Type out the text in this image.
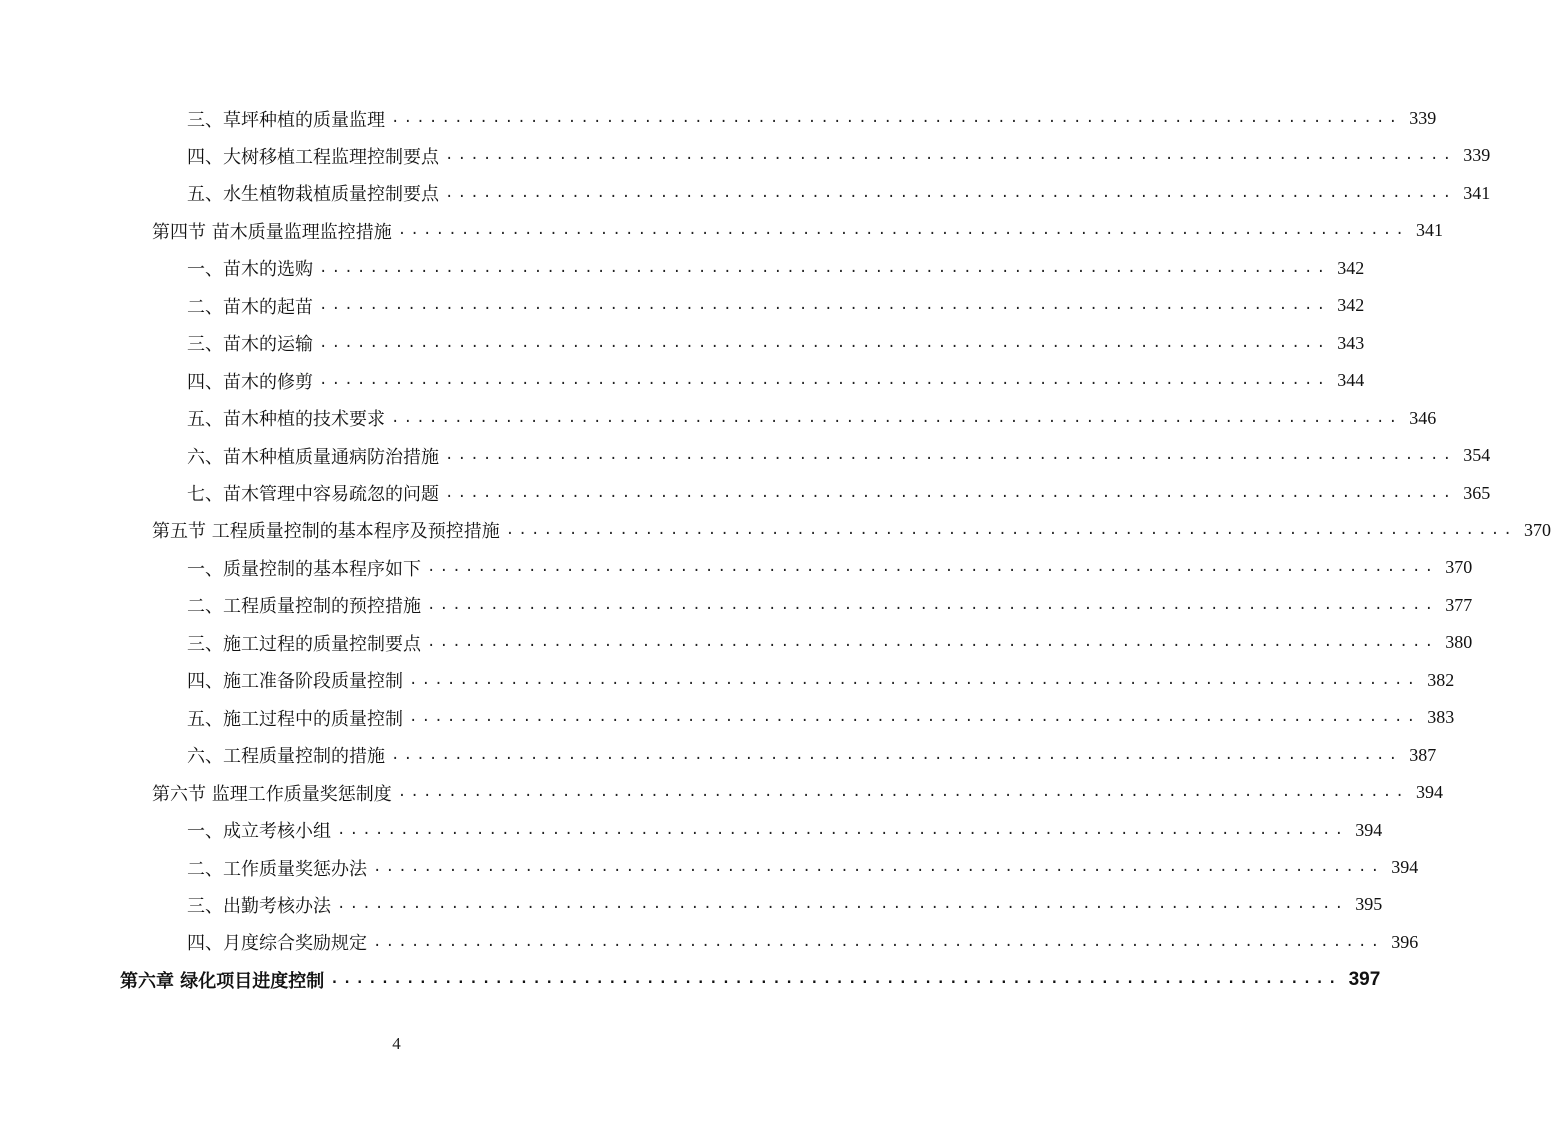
三、草坪种植的质量监理 ................................................................................ 339
四、大树移植工程监理控制要点 ................................................................................ 339
五、水生植物栽植质量控制要点 ................................................................................ 341
第四节 苗木质量监理监控措施 ................................................................................ 341
一、苗木的选购 ................................................................................ 342
二、苗木的起苗 ................................................................................ 342
三、苗木的运输 ................................................................................ 343
四、苗木的修剪 ................................................................................ 344
五、苗木种植的技术要求 ................................................................................ 346
六、苗木种植质量通病防治措施 ................................................................................ 354
七、苗木管理中容易疏忽的问题 ................................................................................ 365
第五节 工程质量控制的基本程序及预控措施 ................................................................................ 370
一、质量控制的基本程序如下 ................................................................................ 370
二、工程质量控制的预控措施 ................................................................................ 377
三、施工过程的质量控制要点 ................................................................................ 380
四、施工准备阶段质量控制 ................................................................................ 382
五、施工过程中的质量控制 ................................................................................ 383
六、工程质量控制的措施 ................................................................................ 387
第六节 监理工作质量奖惩制度 ................................................................................ 394
一、成立考核小组 ................................................................................ 394
二、工作质量奖惩办法 ................................................................................ 394
三、出勤考核办法 ................................................................................ 395
四、月度综合奖励规定 ................................................................................ 396
第六章 绿化项目进度控制 ................................................................................ 397
4
